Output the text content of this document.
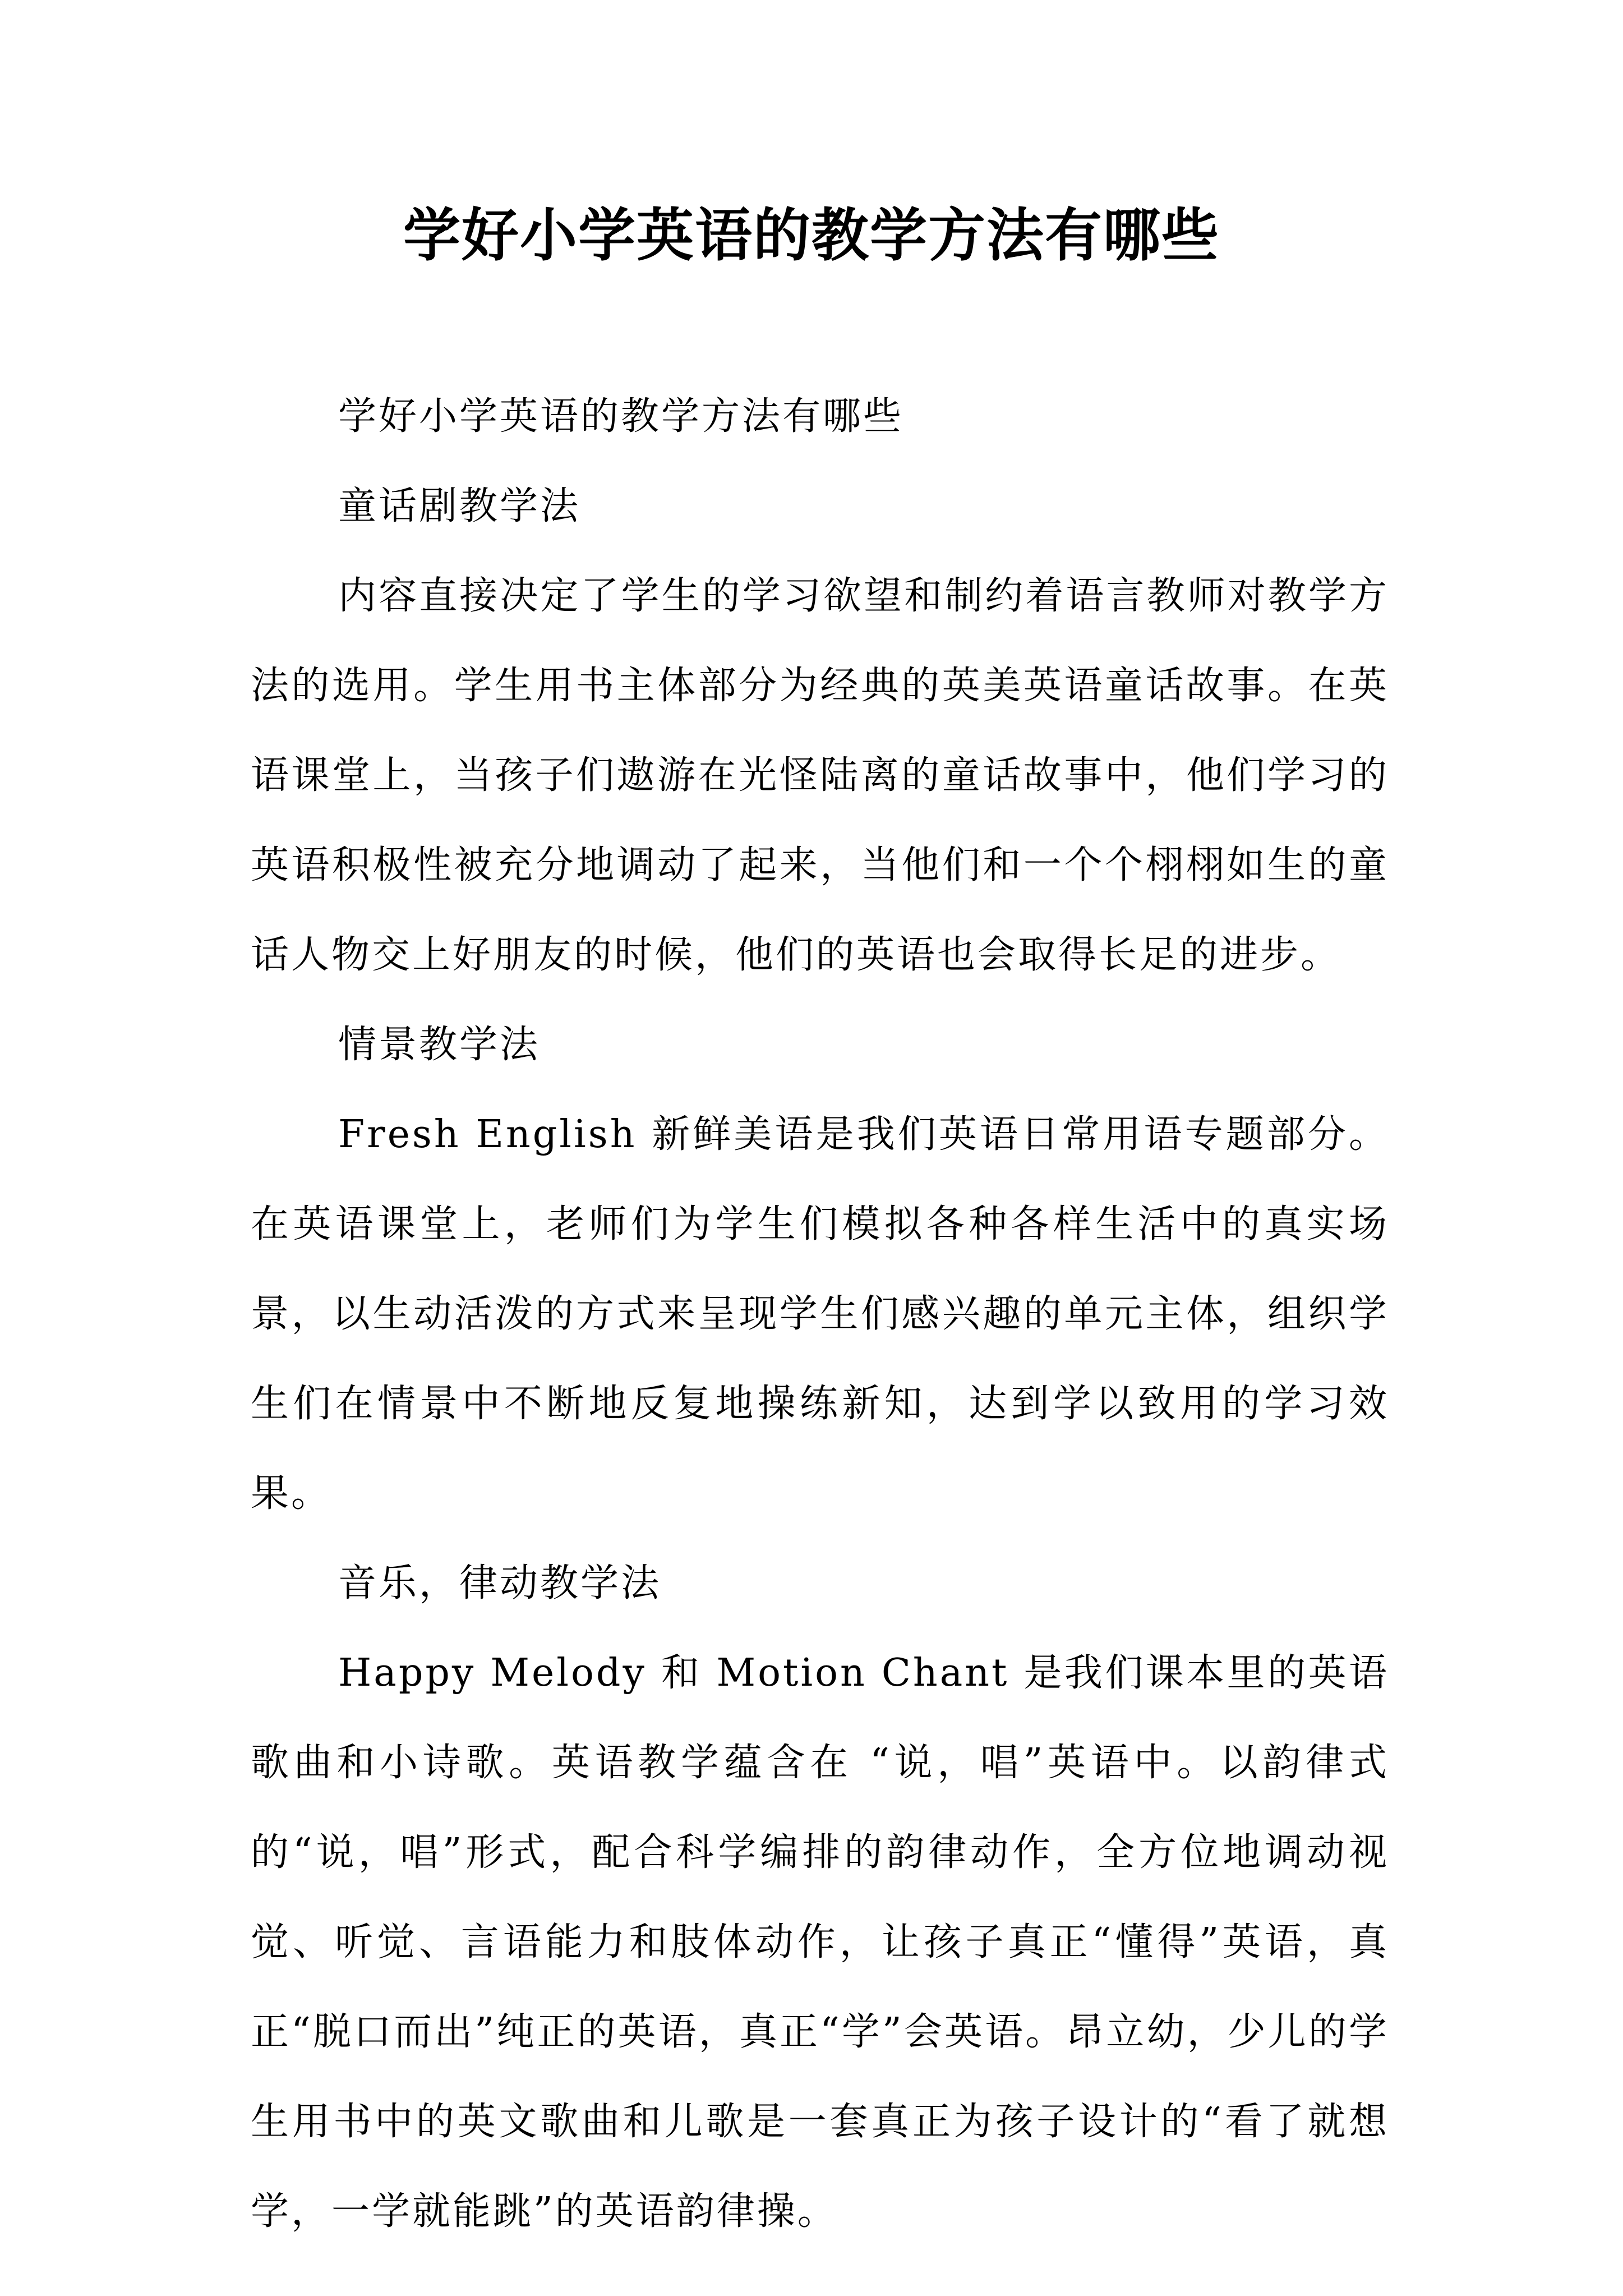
学好小学英语的教学方法有哪些

学好小学英语的教学方法有哪些

童话剧教学法

内容直接决定了学生的学习欲望和制约着语言教师对教学方法的选用。学生用书主体部分为经典的英美英语童话故事。在英语课堂上，当孩子们遨游在光怪陆离的童话故事中，他们学习的英语积极性被充分地调动了起来，当他们和一个个栩栩如生的童话人物交上好朋友的时候，他们的英语也会取得长足的进步。

情景教学法

Fresh English 新鲜美语是我们英语日常用语专题部分。在英语课堂上，老师们为学生们模拟各种各样生活中的真实场景，以生动活泼的方式来呈现学生们感兴趣的单元主体，组织学生们在情景中不断地反复地操练新知，达到学以致用的学习效果。

音乐，律动教学法

Happy Melody 和 Motion Chant 是我们课本里的英语歌曲和小诗歌。英语教学蕴含在 “说，唱”英语中。以韵律式的“说，唱”形式，配合科学编排的韵律动作，全方位地调动视觉、听觉、言语能力和肢体动作，让孩子真正“懂得”英语，真正“脱口而出”纯正的英语，真正“学”会英语。昂立幼，少儿的学生用书中的英文歌曲和儿歌是一套真正为孩子设计的“看了就想学，一学就能跳”的英语韵律操。
